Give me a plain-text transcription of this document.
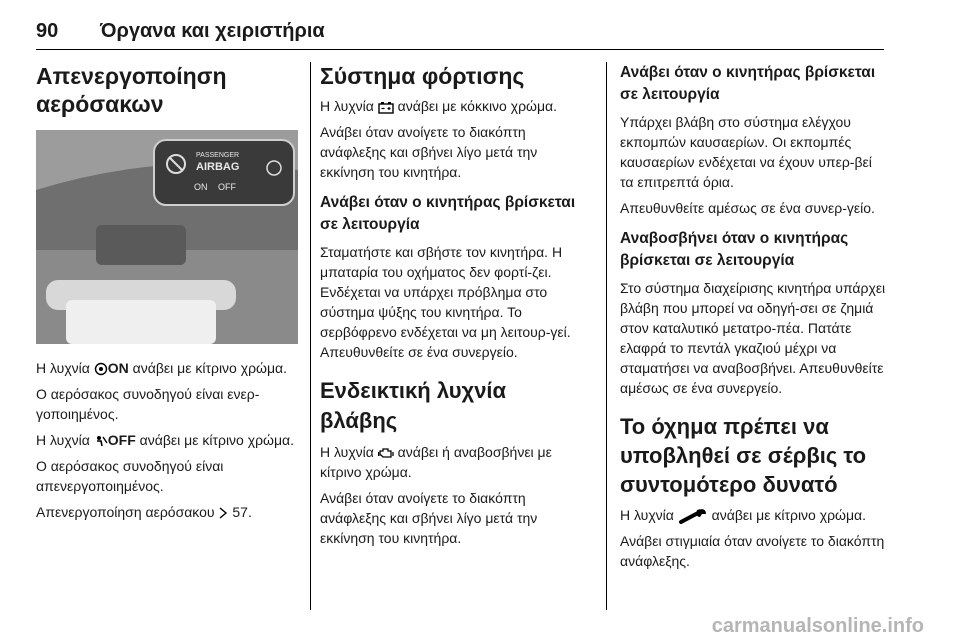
90 Όργανα και χειριστήρια
Απενεργοποίηση αερόσακων
PASSENGER
AIRBAG
ON OFF

Η λυχνία ON ανάβει με κίτρινο χρώμα.

Ο αερόσακος συνοδηγού είναι ενερ-γοποιημένος.

Η λυχνία OFF ανάβει με κίτρινο χρώμα.

Ο αερόσακος συνοδηγού είναι απενεργοποιημένος.

Απενεργοποίηση αερόσακου 57.

Σύστημα φόρτισης

Η λυχνία ανάβει με κόκκινο χρώμα.

Ανάβει όταν ανοίγετε το διακόπτη ανάφλεξης και σβήνει λίγο μετά την εκκίνηση του κινητήρα.

Ανάβει όταν ο κινητήρας βρίσκεται σε λειτουργία

Σταματήστε και σβήστε τον κινητήρα. Η μπαταρία του οχήματος δεν φορτί-ζει. Ενδέχεται να υπάρχει πρόβλημα στο σύστημα ψύξης του κινητήρα. Το σερβόφρενο ενδέχεται να μη λειτουρ-γεί. Απευθυνθείτε σε ένα συνεργείο.

Ενδεικτική λυχνία βλάβης

Η λυχνία ανάβει ή αναβοσβήνει με κίτρινο χρώμα.

Ανάβει όταν ανοίγετε το διακόπτη ανάφλεξης και σβήνει λίγο μετά την εκκίνηση του κινητήρα.

Ανάβει όταν ο κινητήρας βρίσκεται σε λειτουργία

Υπάρχει βλάβη στο σύστημα ελέγχου εκπομπών καυσαερίων. Οι εκπομπές καυσαερίων ενδέχεται να έχουν υπερ-βεί τα επιτρεπτά όρια.

Απευθυνθείτε αμέσως σε ένα συνερ-γείο.

Αναβοσβήνει όταν ο κινητήρας βρίσκεται σε λειτουργία

Στο σύστημα διαχείρισης κινητήρα υπάρχει βλάβη που μπορεί να οδηγή-σει σε ζημιά στον καταλυτικό μετατρο-πέα. Πατάτε ελαφρά το πεντάλ γκαζιού μέχρι να σταματήσει να αναβοσβήνει. Απευθυνθείτε αμέσως σε ένα συνεργείο.

Το όχημα πρέπει να υποβληθεί σε σέρβις το συντομότερο δυνατό

Η λυχνία	ανάβει με κίτρινο χρώμα.

Ανάβει στιγμιαία όταν ανοίγετε το διακόπτη ανάφλεξης.

carmanualsonline.info
